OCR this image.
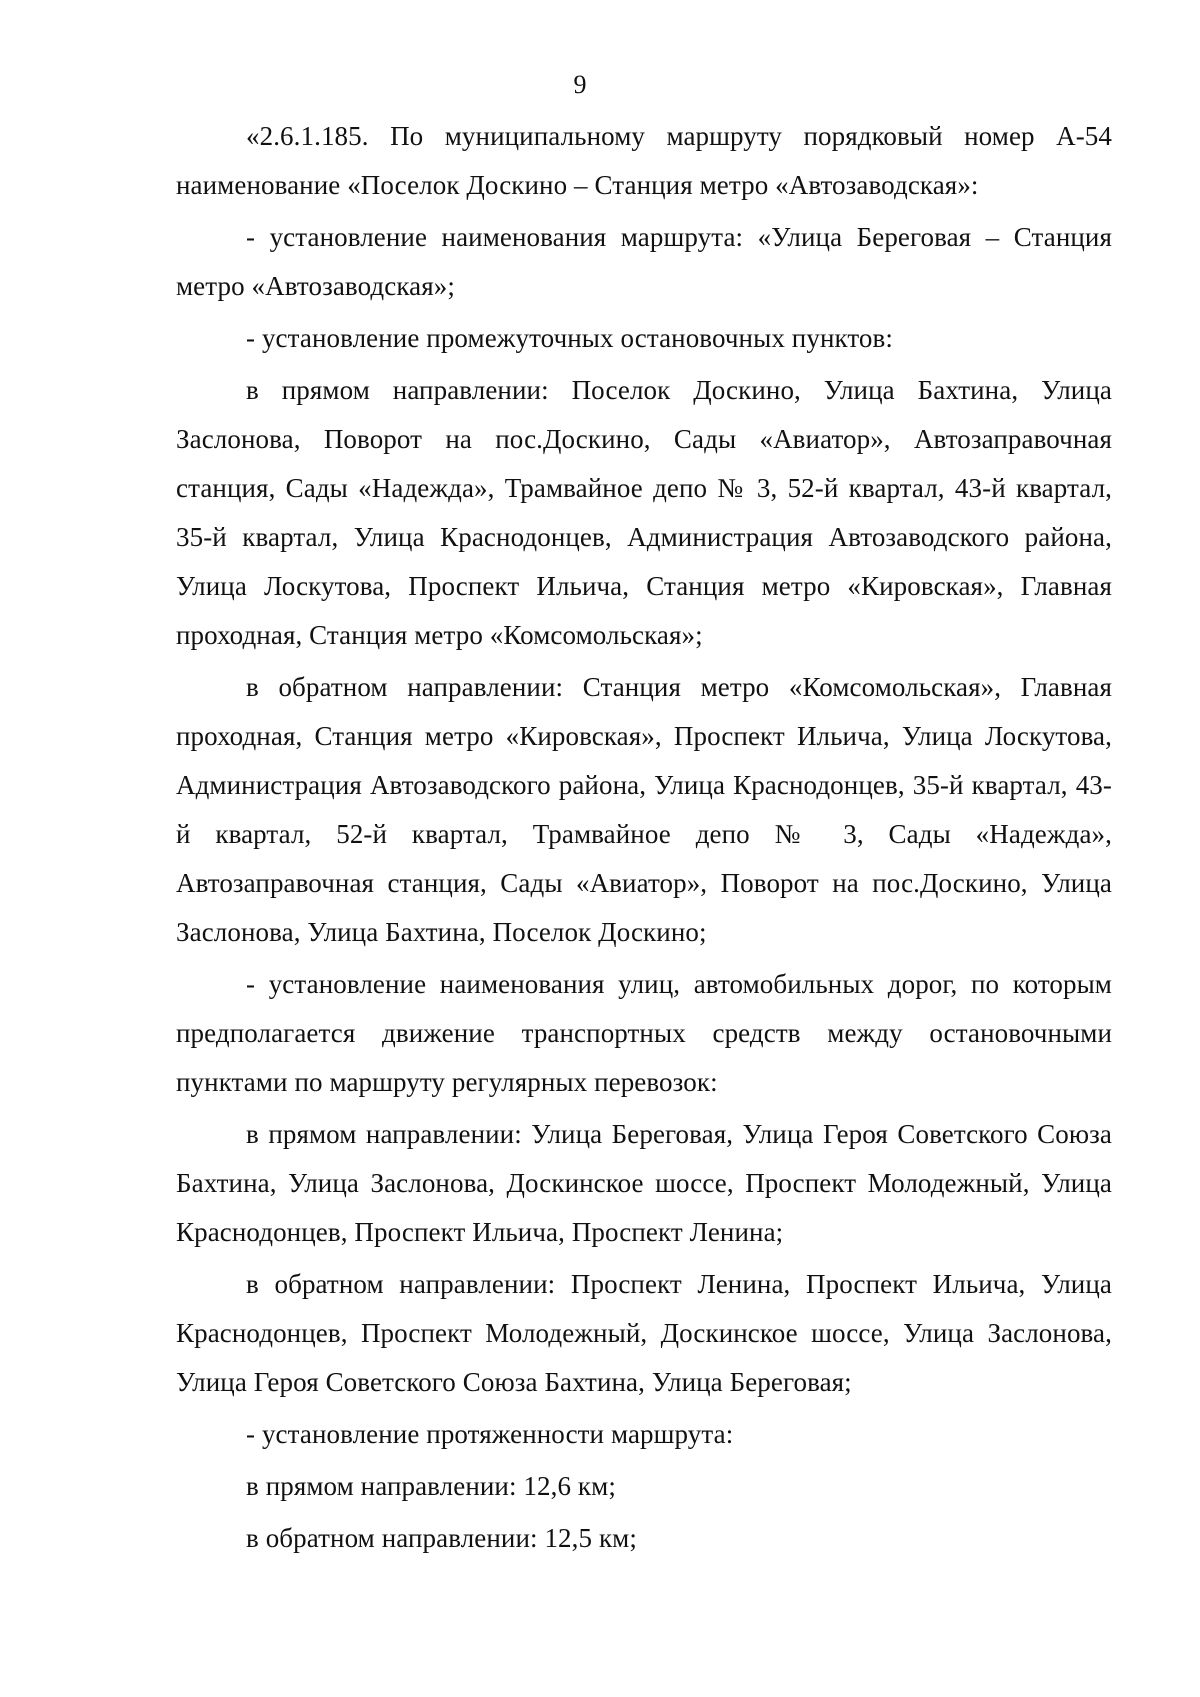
9

«2.6.1.185. По муниципальному маршруту порядковый номер А-54 наименование «Поселок Доскино – Станция метро «Автозаводская»:

- установление наименования маршрута: «Улица Береговая – Станция метро «Автозаводская»;

- установление промежуточных остановочных пунктов:

в прямом направлении: Поселок Доскино, Улица Бахтина, Улица Заслонова, Поворот на пос.Доскино, Сады «Авиатор», Автозаправочная станция, Сады «Надежда», Трамвайное депо № 3, 52-й квартал, 43-й квартал, 35-й квартал, Улица Краснодонцев, Администрация Автозаводского района, Улица Лоскутова, Проспект Ильича, Станция метро «Кировская», Главная проходная, Станция метро «Комсомольская»;

в обратном направлении: Станция метро «Комсомольская», Главная проходная, Станция метро «Кировская», Проспект Ильича, Улица Лоскутова, Администрация Автозаводского района, Улица Краснодонцев, 35-й квартал, 43-й квартал, 52-й квартал, Трамвайное депо № 3, Сады «Надежда», Автозаправочная станция, Сады «Авиатор», Поворот на пос.Доскино, Улица Заслонова, Улица Бахтина, Поселок Доскино;

- установление наименования улиц, автомобильных дорог, по которым предполагается движение транспортных средств между остановочными пунктами по маршруту регулярных перевозок:

в прямом направлении: Улица Береговая, Улица Героя Советского Союза Бахтина, Улица Заслонова, Доскинское шоссе, Проспект Молодежный, Улица Краснодонцев, Проспект Ильича, Проспект Ленина;

в обратном направлении: Проспект Ленина, Проспект Ильича, Улица Краснодонцев, Проспект Молодежный, Доскинское шоссе, Улица Заслонова, Улица Героя Советского Союза Бахтина, Улица Береговая;

- установление протяженности маршрута:

в прямом направлении: 12,6 км;

в обратном направлении: 12,5 км;
